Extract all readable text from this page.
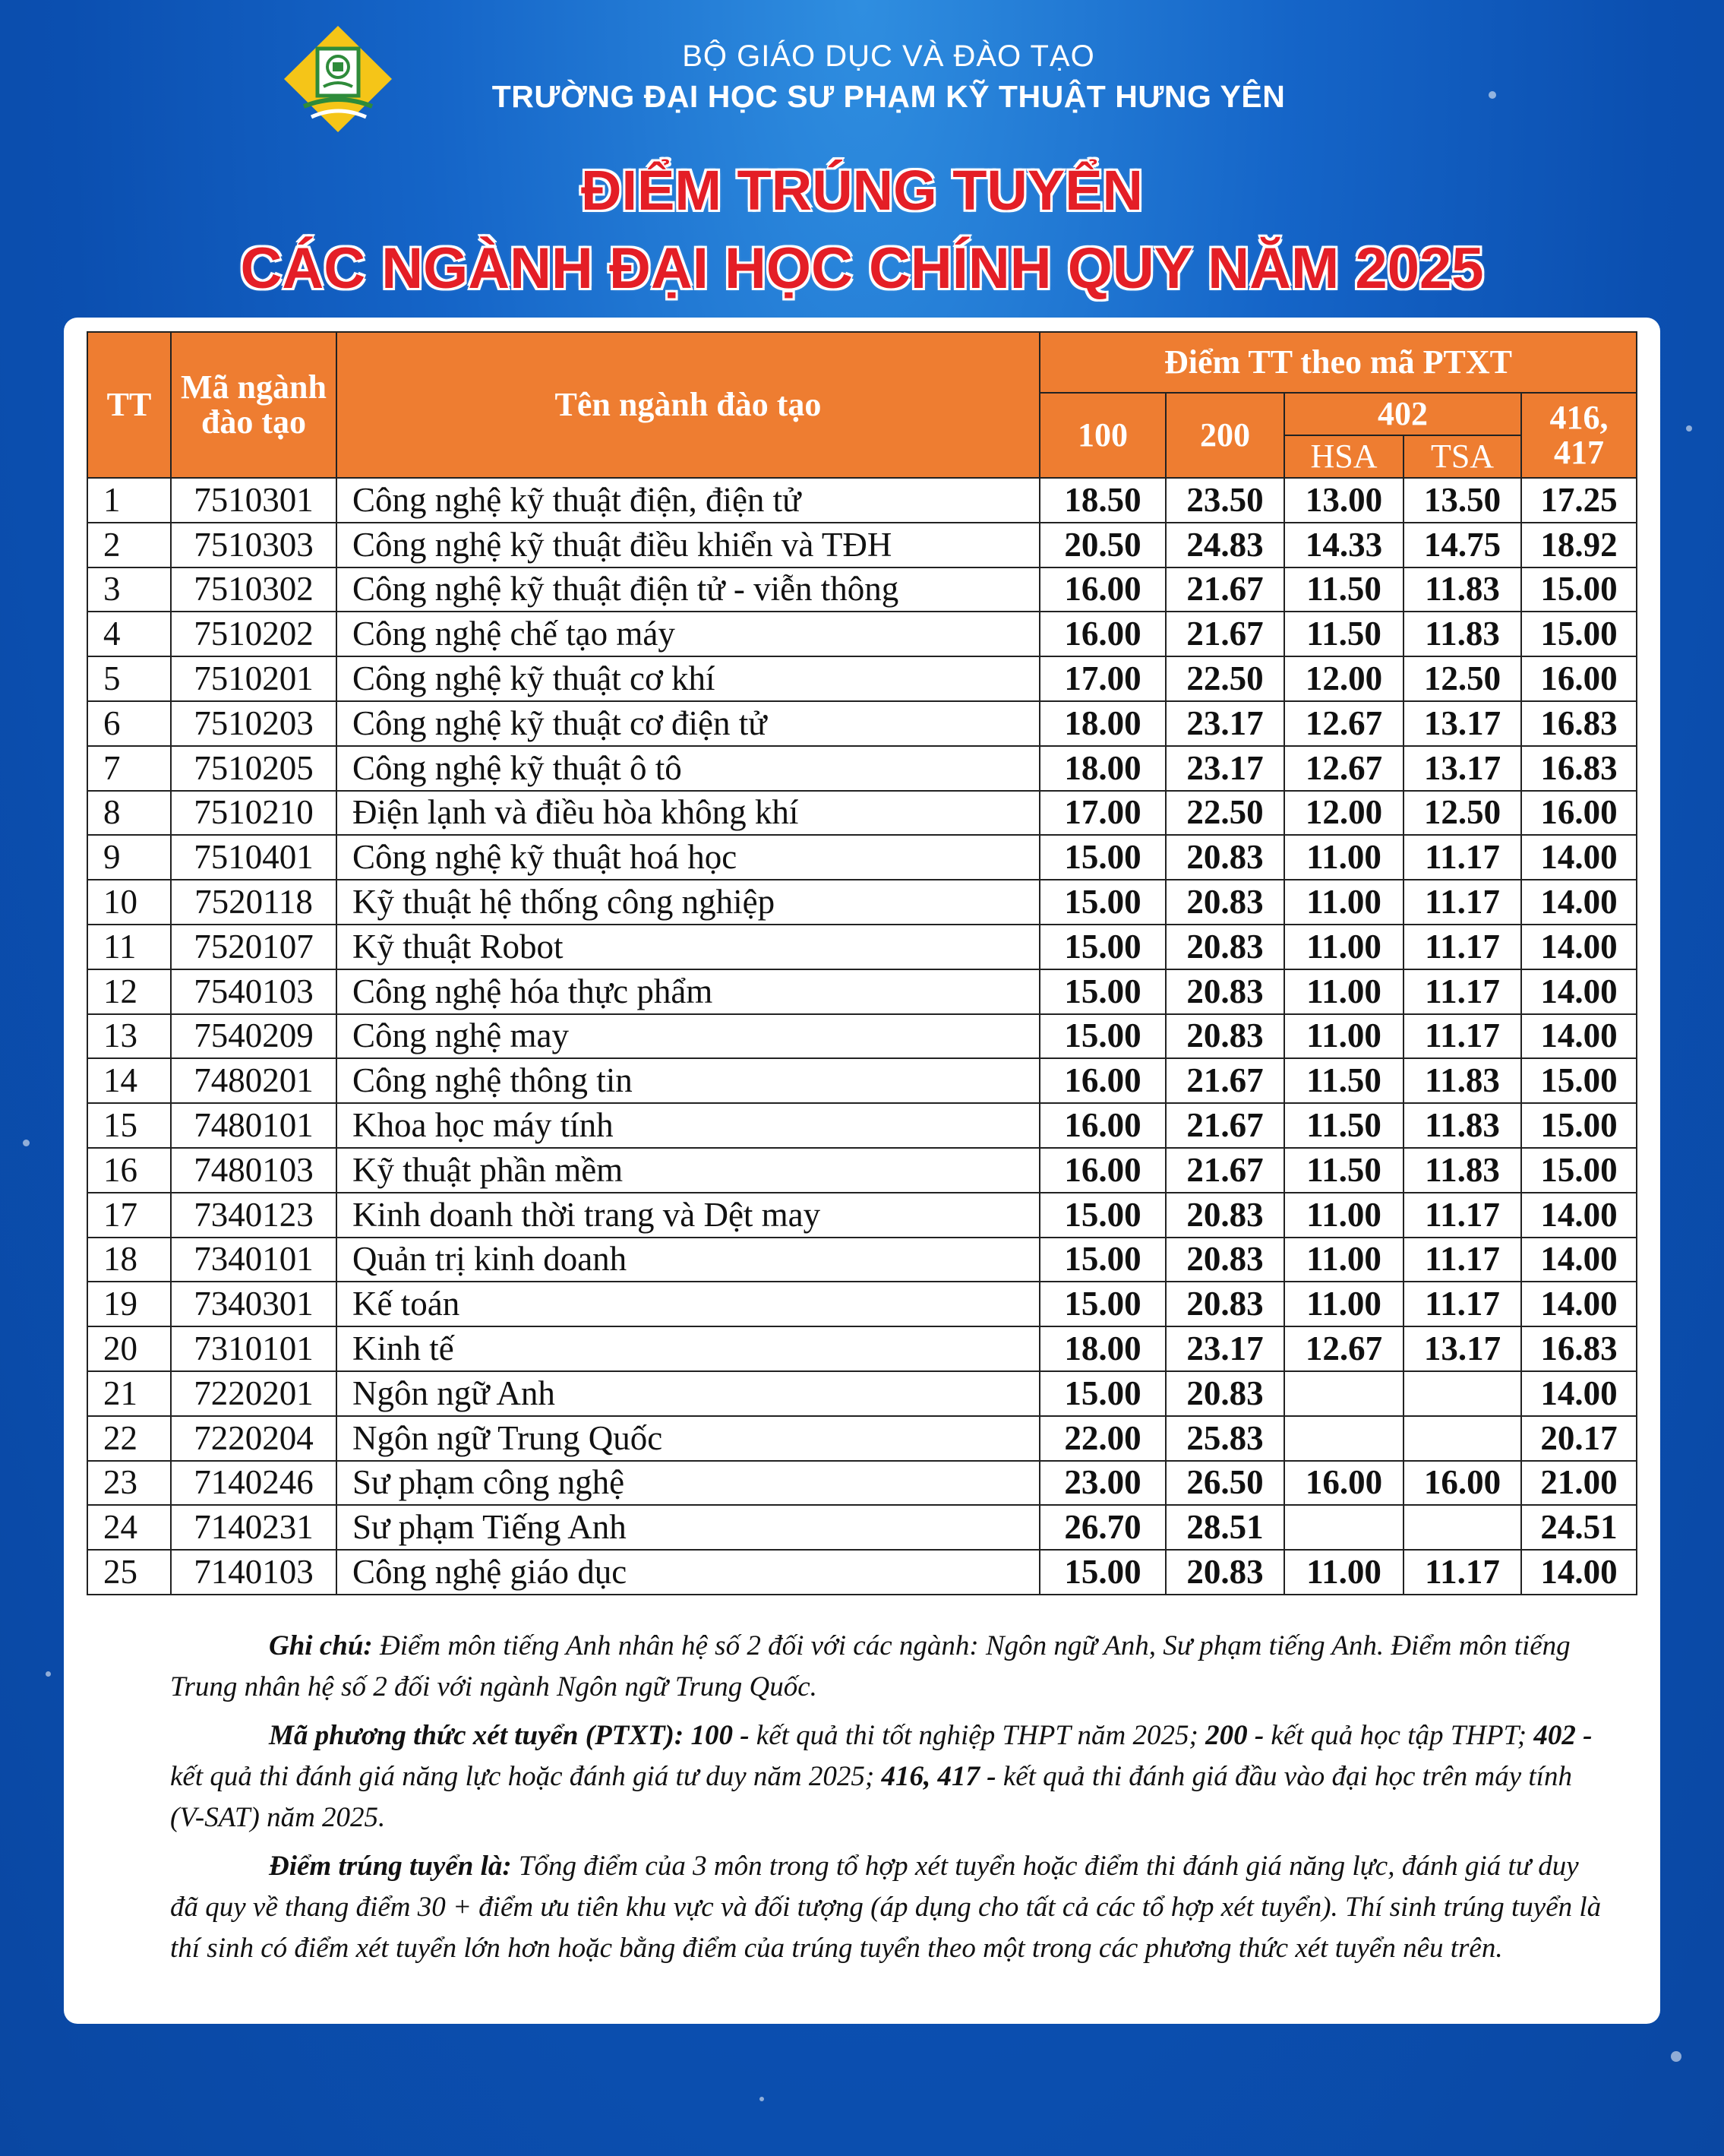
BỘ GIÁO DỤC VÀ ĐÀO TẠO
TRƯỜNG ĐẠI HỌC SƯ PHẠM KỸ THUẬT HƯNG YÊN
ĐIỂM TRÚNG TUYỂN
CÁC NGÀNH ĐẠI HỌC CHÍNH QUY NĂM 2025
TT	Mã ngành đào tạo	Tên ngành đào tạo	Điểm TT theo mã PTXT				
			100	200	402		416, 417
					HSA	TSA	
1	7510301	Công nghệ kỹ thuật điện, điện tử	18.50	23.50	13.00	13.50	17.25
2	7510303	Công nghệ kỹ thuật điều khiển và TĐH	20.50	24.83	14.33	14.75	18.92
3	7510302	Công nghệ kỹ thuật điện tử - viễn thông	16.00	21.67	11.50	11.83	15.00
4	7510202	Công nghệ chế tạo máy	16.00	21.67	11.50	11.83	15.00
5	7510201	Công nghệ kỹ thuật cơ khí	17.00	22.50	12.00	12.50	16.00
6	7510203	Công nghệ kỹ thuật cơ điện tử	18.00	23.17	12.67	13.17	16.83
7	7510205	Công nghệ kỹ thuật ô tô	18.00	23.17	12.67	13.17	16.83
8	7510210	Điện lạnh và điều hòa không khí	17.00	22.50	12.00	12.50	16.00
9	7510401	Công nghệ kỹ thuật hoá học	15.00	20.83	11.00	11.17	14.00
10	7520118	Kỹ thuật hệ thống công nghiệp	15.00	20.83	11.00	11.17	14.00
11	7520107	Kỹ thuật Robot	15.00	20.83	11.00	11.17	14.00
12	7540103	Công nghệ hóa thực phẩm	15.00	20.83	11.00	11.17	14.00
13	7540209	Công nghệ may	15.00	20.83	11.00	11.17	14.00
14	7480201	Công nghệ thông tin	16.00	21.67	11.50	11.83	15.00
15	7480101	Khoa học máy tính	16.00	21.67	11.50	11.83	15.00
16	7480103	Kỹ thuật phần mềm	16.00	21.67	11.50	11.83	15.00
17	7340123	Kinh doanh thời trang và Dệt may	15.00	20.83	11.00	11.17	14.00
18	7340101	Quản trị kinh doanh	15.00	20.83	11.00	11.17	14.00
19	7340301	Kế toán	15.00	20.83	11.00	11.17	14.00
20	7310101	Kinh tế	18.00	23.17	12.67	13.17	16.83
21	7220201	Ngôn ngữ Anh	15.00	20.83			14.00
22	7220204	Ngôn ngữ Trung Quốc	22.00	25.83			20.17
23	7140246	Sư phạm công nghệ	23.00	26.50	16.00	16.00	21.00
24	7140231	Sư phạm Tiếng Anh	26.70	28.51			24.51
25	7140103	Công nghệ giáo dục	15.00	20.83	11.00	11.17	14.00

Ghi chú: Điểm môn tiếng Anh nhân hệ số 2 đối với các ngành: Ngôn ngữ Anh, Sư phạm tiếng Anh. Điểm môn tiếng Trung nhân hệ số 2 đối với ngành Ngôn ngữ Trung Quốc.

Mã phương thức xét tuyển (PTXT): 100 - kết quả thi tốt nghiệp THPT năm 2025; 200 - kết quả học tập THPT; 402 - kết quả thi đánh giá năng lực hoặc đánh giá tư duy năm 2025; 416, 417 - kết quả thi đánh giá đầu vào đại học trên máy tính (V-SAT) năm 2025.

Điểm trúng tuyển là: Tổng điểm của 3 môn trong tổ hợp xét tuyển hoặc điểm thi đánh giá năng lực, đánh giá tư duy đã quy về thang điểm 30 + điểm ưu tiên khu vực và đối tượng (áp dụng cho tất cả các tổ hợp xét tuyển). Thí sinh trúng tuyển là thí sinh có điểm xét tuyển lớn hơn hoặc bằng điểm của trúng tuyển theo một trong các phương thức xét tuyển nêu trên.
